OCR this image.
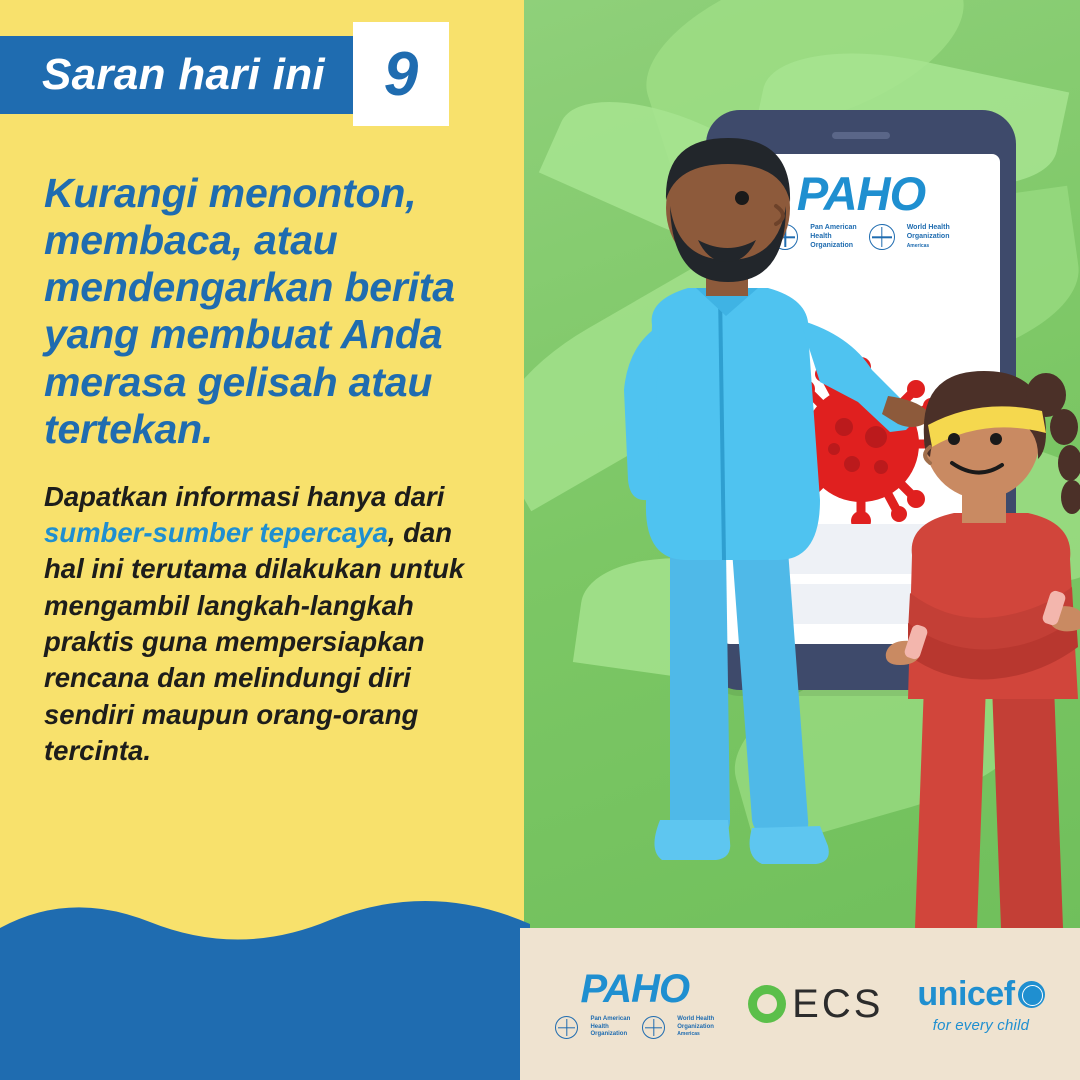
PAHO
Pan American
Health
Organization
World Health
Organization
Americas
Saran hari ini 9

Kurangi menonton, membaca, atau mendengarkan berita yang membuat Anda merasa gelisah atau tertekan.

Dapatkan informasi hanya dari sumber-sumber tepercaya, dan hal ini terutama dilakukan untuk mengambil langkah-langkah praktis guna mempersiapkan rencana dan melindungi diri sendiri maupun orang-orang tercinta.

PAHO
Pan American
Health
Organization
World Health
Organization
Americas
ECS unicef
for every child
